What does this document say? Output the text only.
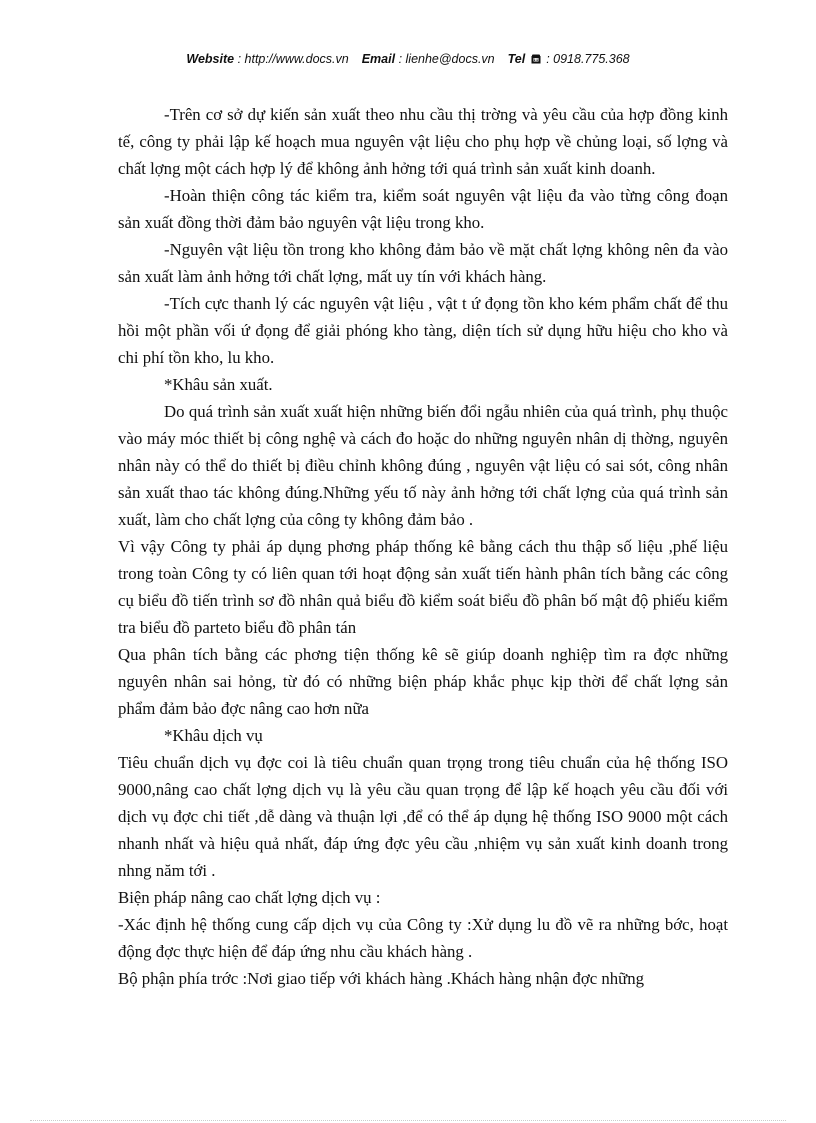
Website : http://www.docs.vn Email : lienhe@docs.vn Tel : 0918.775.368

-Trên cơ sở dự kiến sản xuất theo nhu cầu thị trờng và yêu cầu của hợp đồng kinh tế, công ty phải lập kế hoạch mua nguyên vật liệu cho phụ hợp về chủng loại, số lợng và chất lợng một cách hợp lý để không ảnh hởng tới quá trình sản xuất kinh doanh.

-Hoàn thiện công tác kiểm tra, kiểm soát nguyên vật liệu đa vào từng công đoạn sản xuất đồng thời đảm bảo nguyên vật liệu trong kho.

-Nguyên vật liệu tồn trong kho không đảm bảo về mặt chất lợng không nên đa vào sản xuất làm ảnh hởng tới chất lợng, mất uy tín với khách hàng.

-Tích cực thanh lý các nguyên vật liệu , vật t ứ đọng tồn kho kém phẩm chất để thu hồi một phần vối ứ đọng để giải phóng kho tàng, diện tích sử dụng hữu hiệu cho kho và chi phí tồn kho, lu kho.

*Khâu sản xuất.

Do quá trình sản xuất xuất hiện những biến đổi ngẫu nhiên của quá trình, phụ thuộc vào máy móc thiết bị công nghệ và cách đo hoặc do những nguyên nhân dị thờng, nguyên nhân này có thể do thiết bị điều chỉnh không đúng , nguyên vật liệu có sai sót, công nhân sản xuất thao tác không đúng.Những yếu tố này ảnh hởng tới chất lợng của quá trình sản xuất, làm cho chất lợng của công ty không đảm bảo .

Vì vậy Công ty phải áp dụng phơng pháp thống kê bằng cách thu thập số liệu ,phế liệu trong toàn Công ty có liên quan tới hoạt động sản xuất tiến hành phân tích bằng các công cụ biểu đồ tiến trình sơ đồ nhân quả biểu đồ kiểm soát biểu đồ phân bố mật độ phiếu kiểm tra biểu đồ parteto biểu đồ phân tán

Qua phân tích bằng các phơng tiện thống kê sẽ giúp doanh nghiệp tìm ra đợc những nguyên nhân sai hỏng, từ đó có những biện pháp khắc phục kịp thời để chất lợng sản phẩm đảm bảo đợc nâng cao hơn nữa

*Khâu dịch vụ

Tiêu chuẩn dịch vụ đợc coi là tiêu chuẩn quan trọng trong tiêu chuẩn của hệ thống ISO 9000,nâng cao chất lợng dịch vụ là yêu cầu quan trọng để lập kế hoạch yêu cầu đối với dịch vụ đợc chi tiết ,dễ dàng và thuận lợi ,để có thể áp dụng hệ thống ISO 9000 một cách nhanh nhất và hiệu quả nhất, đáp ứng đợc yêu cầu ,nhiệm vụ sản xuất kinh doanh trong nhng năm tới .

Biện pháp nâng cao chất lợng dịch vụ :

-Xác định hệ thống cung cấp dịch vụ của Công ty :Xử dụng lu đồ vẽ ra những bớc, hoạt động đợc thực hiện để đáp ứng nhu cầu khách hàng .

Bộ phận phía trớc :Nơi giao tiếp với khách hàng .Khách hàng nhận đợc những
